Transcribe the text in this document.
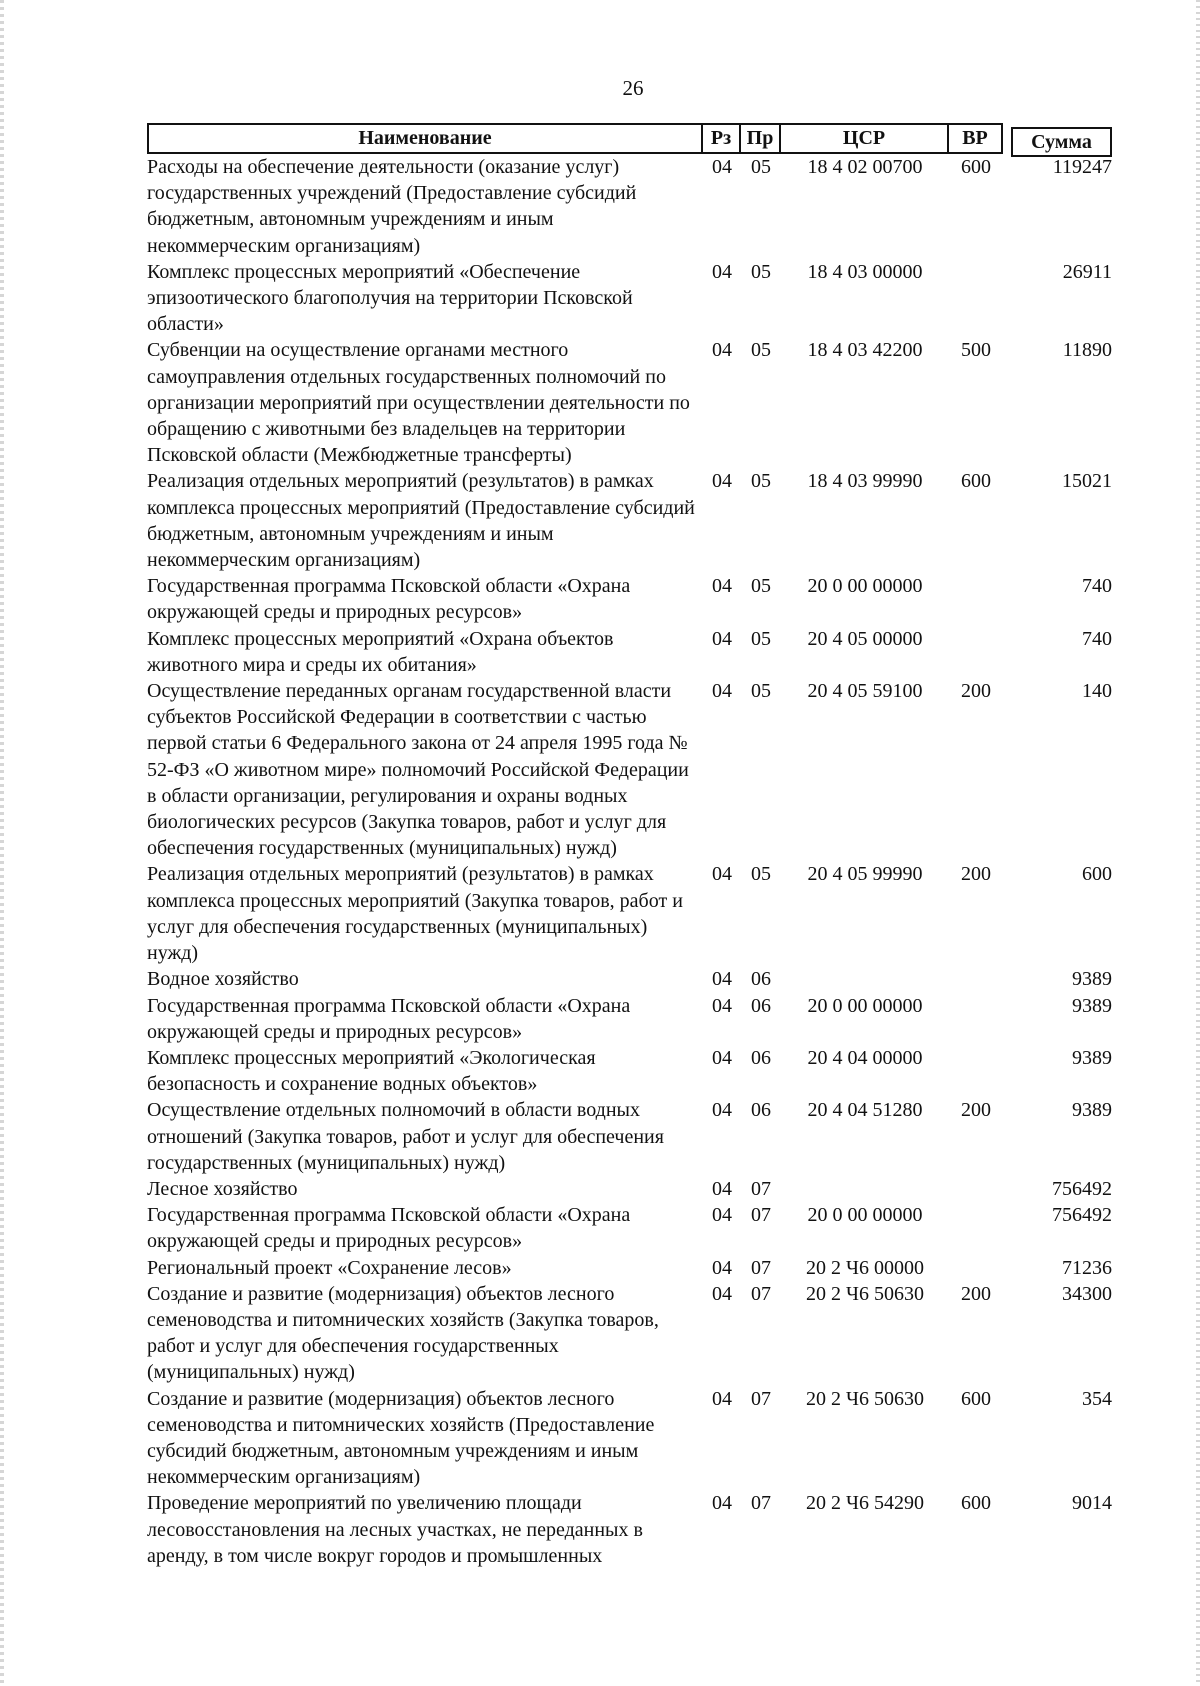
26
Наименование	Рз Пр	ЦСР	ВР	Сумма
Расходы на обеспечение деятельности (оказание услуг) государственных учреждений (Предоставление субсидий бюджетным, автономным учреждениям и иным некоммерческим организациям)
04 05	18 4 02 00700	600	119247
Комплекс процессных мероприятий «Обеспечение эпизоотического благополучия на территории Псковской области»
04 05	18 4 03 00000	26911
Субвенции на осуществление органами местного самоуправления отдельных государственных полномочий по организации мероприятий при осуществлении деятельности по обращению с животными без владельцев на территории Псковской области (Межбюджетные трансферты)
04 05	18 4 03 42200	500	11890
Реализация отдельных мероприятий (результатов) в рамках комплекса процессных мероприятий (Предоставление субсидий бюджетным, автономным учреждениям и иным некоммерческим организациям)
04 05	18 4 03 99990	600	15021
Государственная программа Псковской области «Охрана окружающей среды и природных ресурсов»
04 05	20 0 00 00000	740
Комплекс процессных мероприятий «Охрана объектов животного мира и среды их обитания»
04 05	20 4 05 00000	740
Осуществление переданных органам государственной власти субъектов Российской Федерации в соответствии с частью первой статьи 6 Федерального закона от 24 апреля 1995 года № 52-ФЗ «О животном мире» полномочий Российской Федерации в области организации, регулирования и охраны водных биологических ресурсов (Закупка товаров, работ и услуг для обеспечения государственных (муниципальных) нужд)
04 05	20 4 05 59100	200	140
Реализация отдельных мероприятий (результатов) в рамках комплекса процессных мероприятий (Закупка товаров, работ и услуг для обеспечения государственных (муниципальных) нужд)
04 05	20 4 05 99990	200	600
Водное хозяйство	04 06	9389
Государственная программа Псковской области «Охрана окружающей среды и природных ресурсов»
04 06	20 0 00 00000	9389
Комплекс процессных мероприятий «Экологическая безопасность и сохранение водных объектов»
04 06	20 4 04 00000	9389
Осуществление отдельных полномочий в области водных отношений (Закупка товаров, работ и услуг для обеспечения государственных (муниципальных) нужд)
04 06	20 4 04 51280	200	9389
Лесное хозяйство	04 07	756492
Государственная программа Псковской области «Охрана окружающей среды и природных ресурсов»
04 07	20 0 00 00000	756492
Региональный проект «Сохранение лесов»	04 07	20 2 Ч6 00000	71236
Создание и развитие (модернизация) объектов лесного семеноводства и питомнических хозяйств (Закупка товаров, работ и услуг для обеспечения государственных (муниципальных) нужд)
04 07	20 2 Ч6 50630	200	34300
Создание и развитие (модернизация) объектов лесного семеноводства и питомнических хозяйств (Предоставление субсидий бюджетным, автономным учреждениям и иным некоммерческим организациям)
04 07	20 2 Ч6 50630	600	354
Проведение мероприятий по увеличению площади лесовосстановления на лесных участках, не переданных в аренду, в том числе вокруг городов и промышленных
04 07	20 2 Ч6 54290	600	9014
